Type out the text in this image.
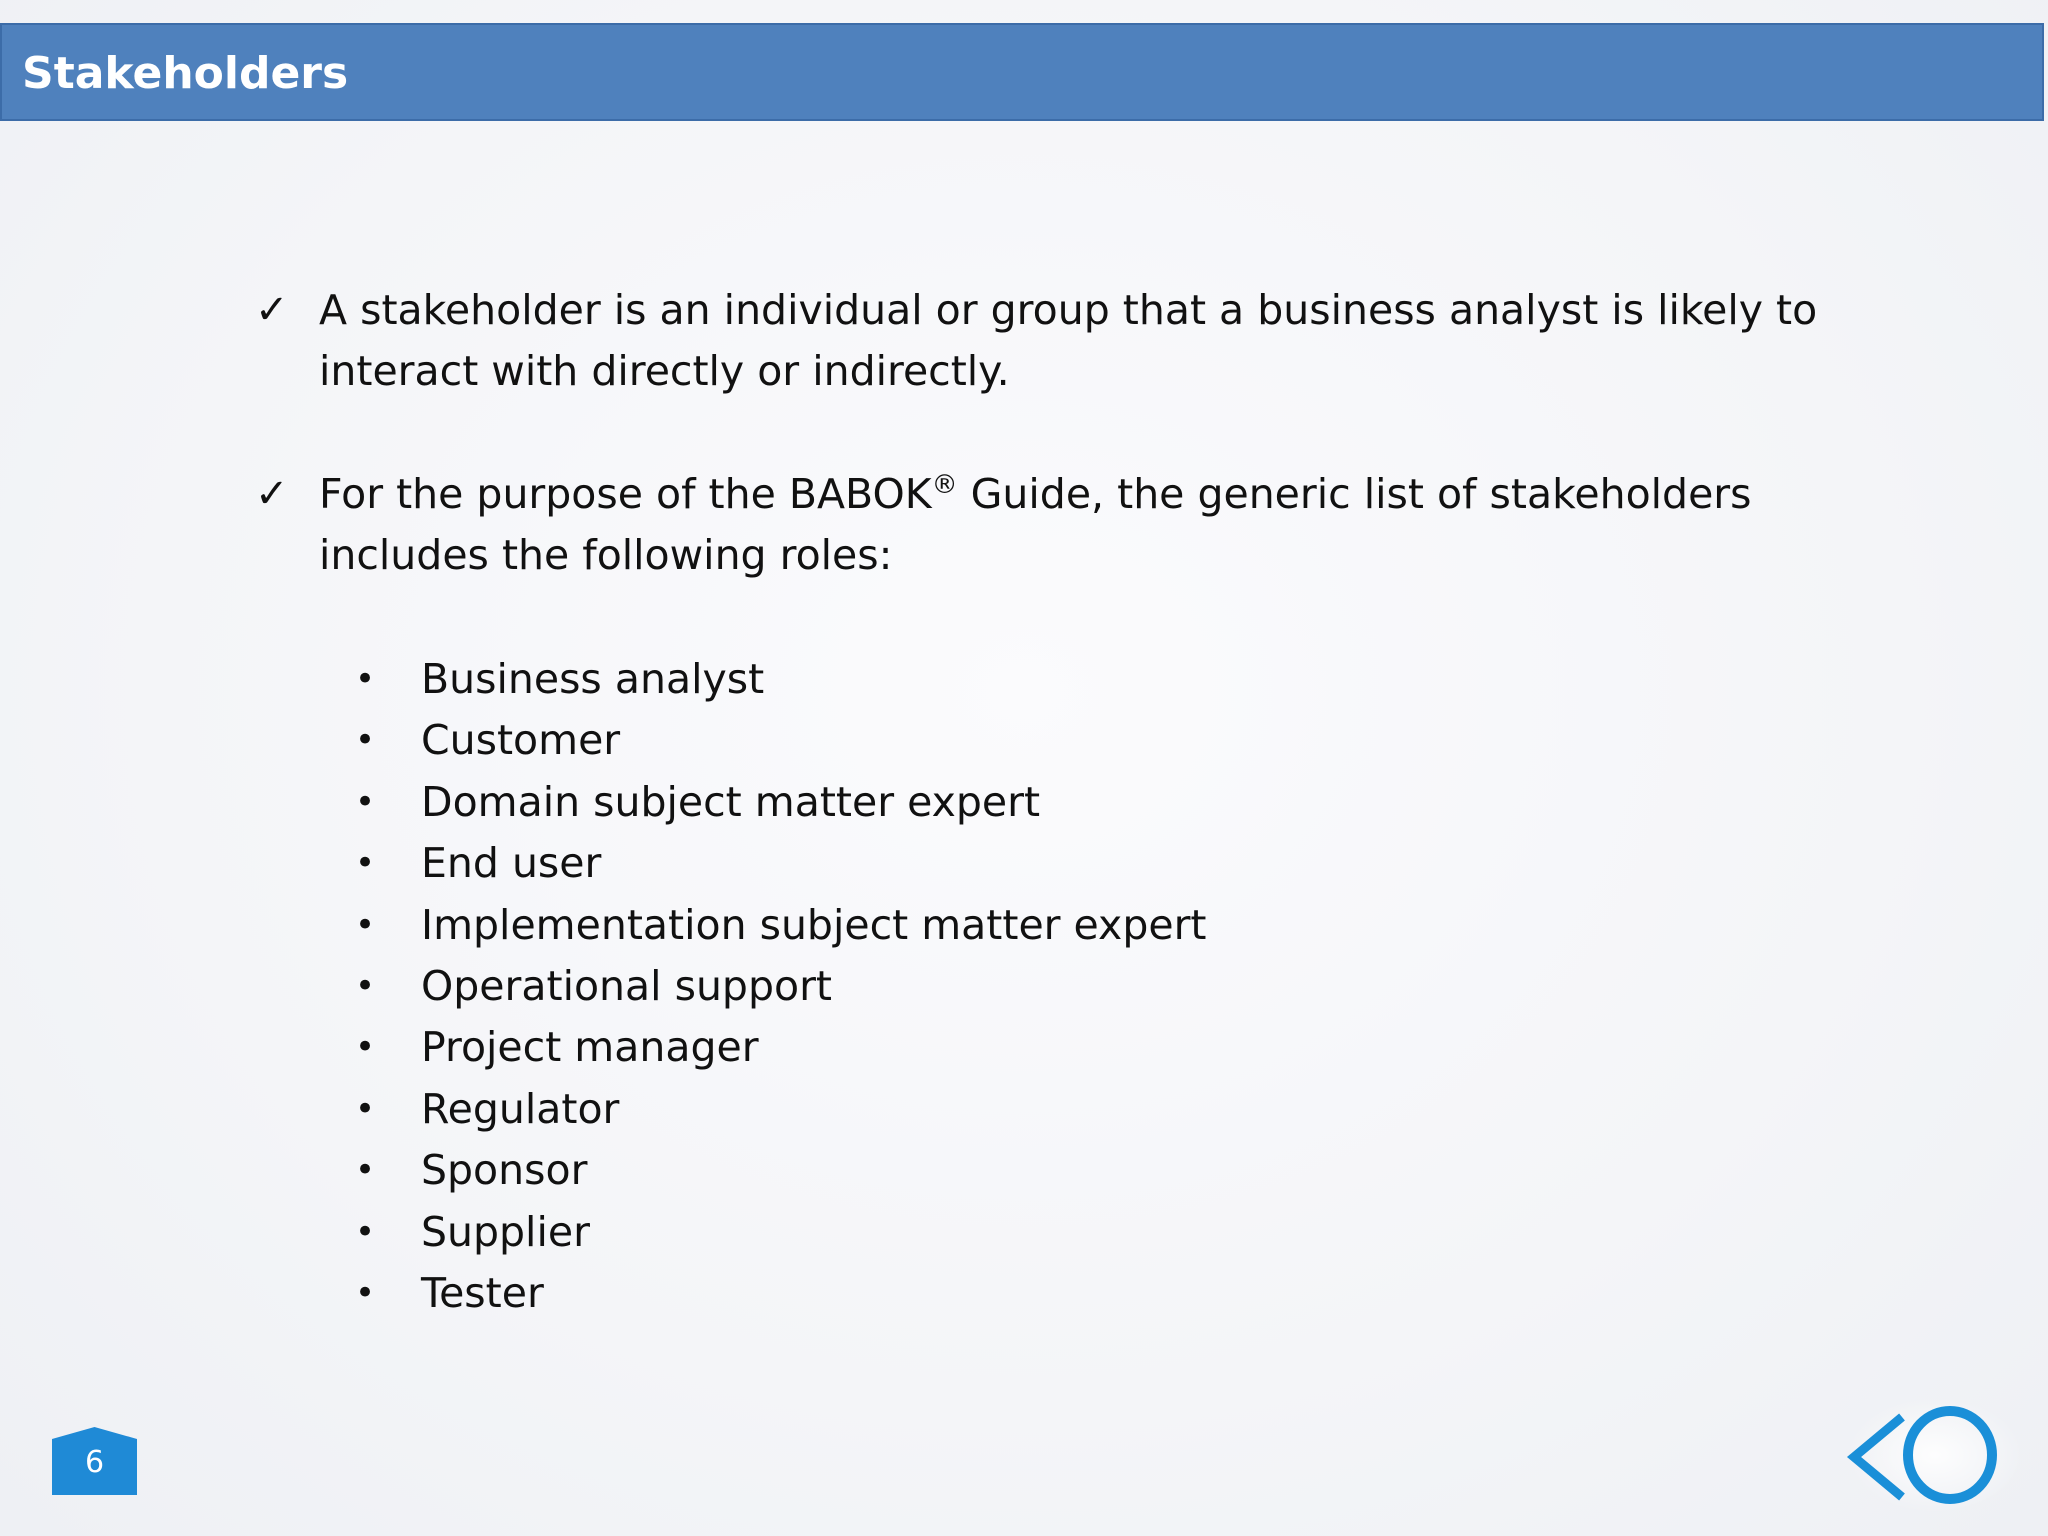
Stakeholders
✓ A stakeholder is an individual or group that a business analyst is likely to interact with directly or indirectly.
✓ For the purpose of the BABOK® Guide, the generic list of stakeholders includes the following roles:
• Business analyst
• Customer
• Domain subject matter expert
• End user
• Implementation subject matter expert
• Operational support
• Project manager
• Regulator
• Sponsor
• Supplier
• Tester
6
